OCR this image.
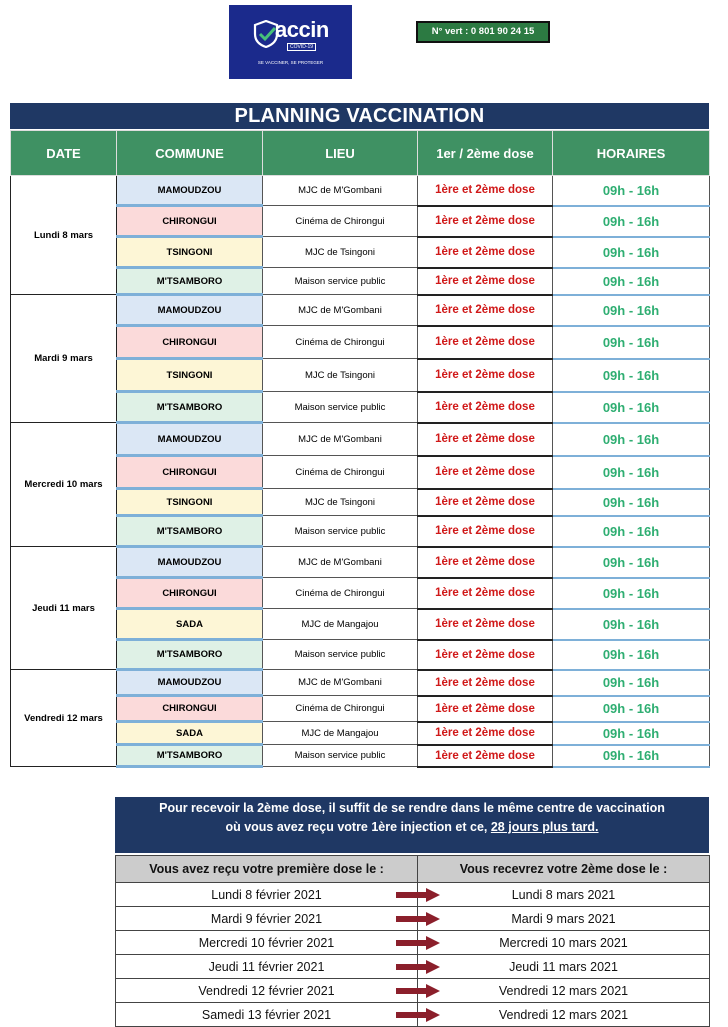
accin
COVID-19
SE VACCINER, SE PROTEGER
N° vert : 0 801 90 24 15
PLANNING VACCINATION
DATE	COMMUNE	LIEU	1er / 2ème dose	HORAIRES
Lundi 8 mars	MAMOUDZOU	MJC de M'Gombani	1ère et 2ème dose	09h - 16h
	CHIRONGUI	Cinéma de Chirongui	1ère et 2ème dose	09h - 16h
	TSINGONI	MJC de Tsingoni	1ère et 2ème dose	09h - 16h
	M'TSAMBORO	Maison service public	1ère et 2ème dose	09h - 16h
Mardi 9 mars	MAMOUDZOU	MJC de M'Gombani	1ère et 2ème dose	09h - 16h
	CHIRONGUI	Cinéma de Chirongui	1ère et 2ème dose	09h - 16h
	TSINGONI	MJC de Tsingoni	1ère et 2ème dose	09h - 16h
	M'TSAMBORO	Maison service public	1ère et 2ème dose	09h - 16h
Mercredi 10 mars	MAMOUDZOU	MJC de M'Gombani	1ère et 2ème dose	09h - 16h
	CHIRONGUI	Cinéma de Chirongui	1ère et 2ème dose	09h - 16h
	TSINGONI	MJC de Tsingoni	1ère et 2ème dose	09h - 16h
	M'TSAMBORO	Maison service public	1ère et 2ème dose	09h - 16h
Jeudi 11 mars	MAMOUDZOU	MJC de M'Gombani	1ère et 2ème dose	09h - 16h
	CHIRONGUI	Cinéma de Chirongui	1ère et 2ème dose	09h - 16h
	SADA	MJC de Mangajou	1ère et 2ème dose	09h - 16h
	M'TSAMBORO	Maison service public	1ère et 2ème dose	09h - 16h
Vendredi 12 mars	MAMOUDZOU	MJC de M'Gombani	1ère et 2ème dose	09h - 16h
	CHIRONGUI	Cinéma de Chirongui	1ère et 2ème dose	09h - 16h
	SADA	MJC de Mangajou	1ère et 2ème dose	09h - 16h
	M'TSAMBORO	Maison service public	1ère et 2ème dose	09h - 16h
Pour recevoir la 2ème dose, il suffit de se rendre dans le même centre de vaccination
où vous avez reçu votre 1ère injection et ce, 28 jours plus tard.
Vous avez reçu votre première dose le :	Vous recevrez votre 2ème dose le :
Lundi 8 février 2021	Lundi 8 mars 2021
Mardi 9 février 2021	Mardi 9 mars 2021
Mercredi 10 février 2021	Mercredi 10 mars 2021
Jeudi 11 février 2021	Jeudi 11 mars 2021
Vendredi 12 février 2021	Vendredi 12 mars 2021
Samedi 13 février 2021	Vendredi 12 mars 2021
